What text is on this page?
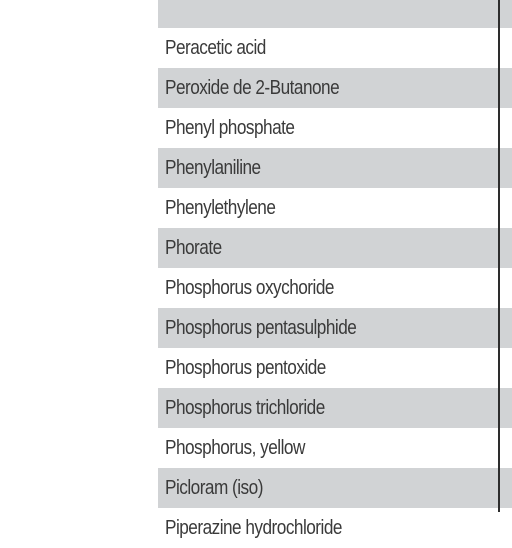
Peracetic acid
Peroxide de 2-Butanone
Phenyl phosphate
Phenylaniline
Phenylethylene
Phorate
Phosphorus oxychoride
Phosphorus pentasulphide
Phosphorus pentoxide
Phosphorus trichloride
Phosphorus, yellow
Picloram (iso)
Piperazine hydrochloride
